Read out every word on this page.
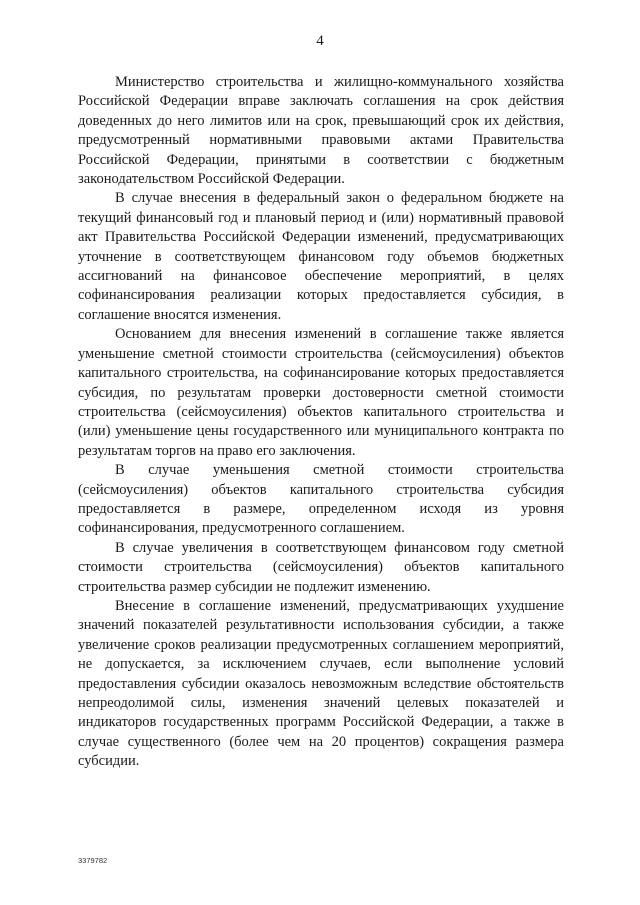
4

Министерство строительства и жилищно-коммунального хозяйства Российской Федерации вправе заключать соглашения на срок действия доведенных до него лимитов или на срок, превышающий срок их действия, предусмотренный нормативными правовыми актами Правительства Российской Федерации, принятыми в соответствии с бюджетным законодательством Российской Федерации.

В случае внесения в федеральный закон о федеральном бюджете на текущий финансовый год и плановый период и (или) нормативный правовой акт Правительства Российской Федерации изменений, предусматривающих уточнение в соответствующем финансовом году объемов бюджетных ассигнований на финансовое обеспечение мероприятий, в целях софинансирования реализации которых предоставляется субсидия, в соглашение вносятся изменения.

Основанием для внесения изменений в соглашение также является уменьшение сметной стоимости строительства (сейсмоусиления) объектов капитального строительства, на софинансирование которых предоставляется субсидия, по результатам проверки достоверности сметной стоимости строительства (сейсмоусиления) объектов капитального строительства и (или) уменьшение цены государственного или муниципального контракта по результатам торгов на право его заключения.

В случае уменьшения сметной стоимости строительства (сейсмоусиления) объектов капитального строительства субсидия предоставляется в размере, определенном исходя из уровня софинансирования, предусмотренного соглашением.

В случае увеличения в соответствующем финансовом году сметной стоимости строительства (сейсмоусиления) объектов капитального строительства размер субсидии не подлежит изменению.

Внесение в соглашение изменений, предусматривающих ухудшение значений показателей результативности использования субсидии, а также увеличение сроков реализации предусмотренных соглашением мероприятий, не допускается, за исключением случаев, если выполнение условий предоставления субсидии оказалось невозможным вследствие обстоятельств непреодолимой силы, изменения значений целевых показателей и индикаторов государственных программ Российской Федерации, а также в случае существенного (более чем на 20 процентов) сокращения размера субсидии.

3379782
